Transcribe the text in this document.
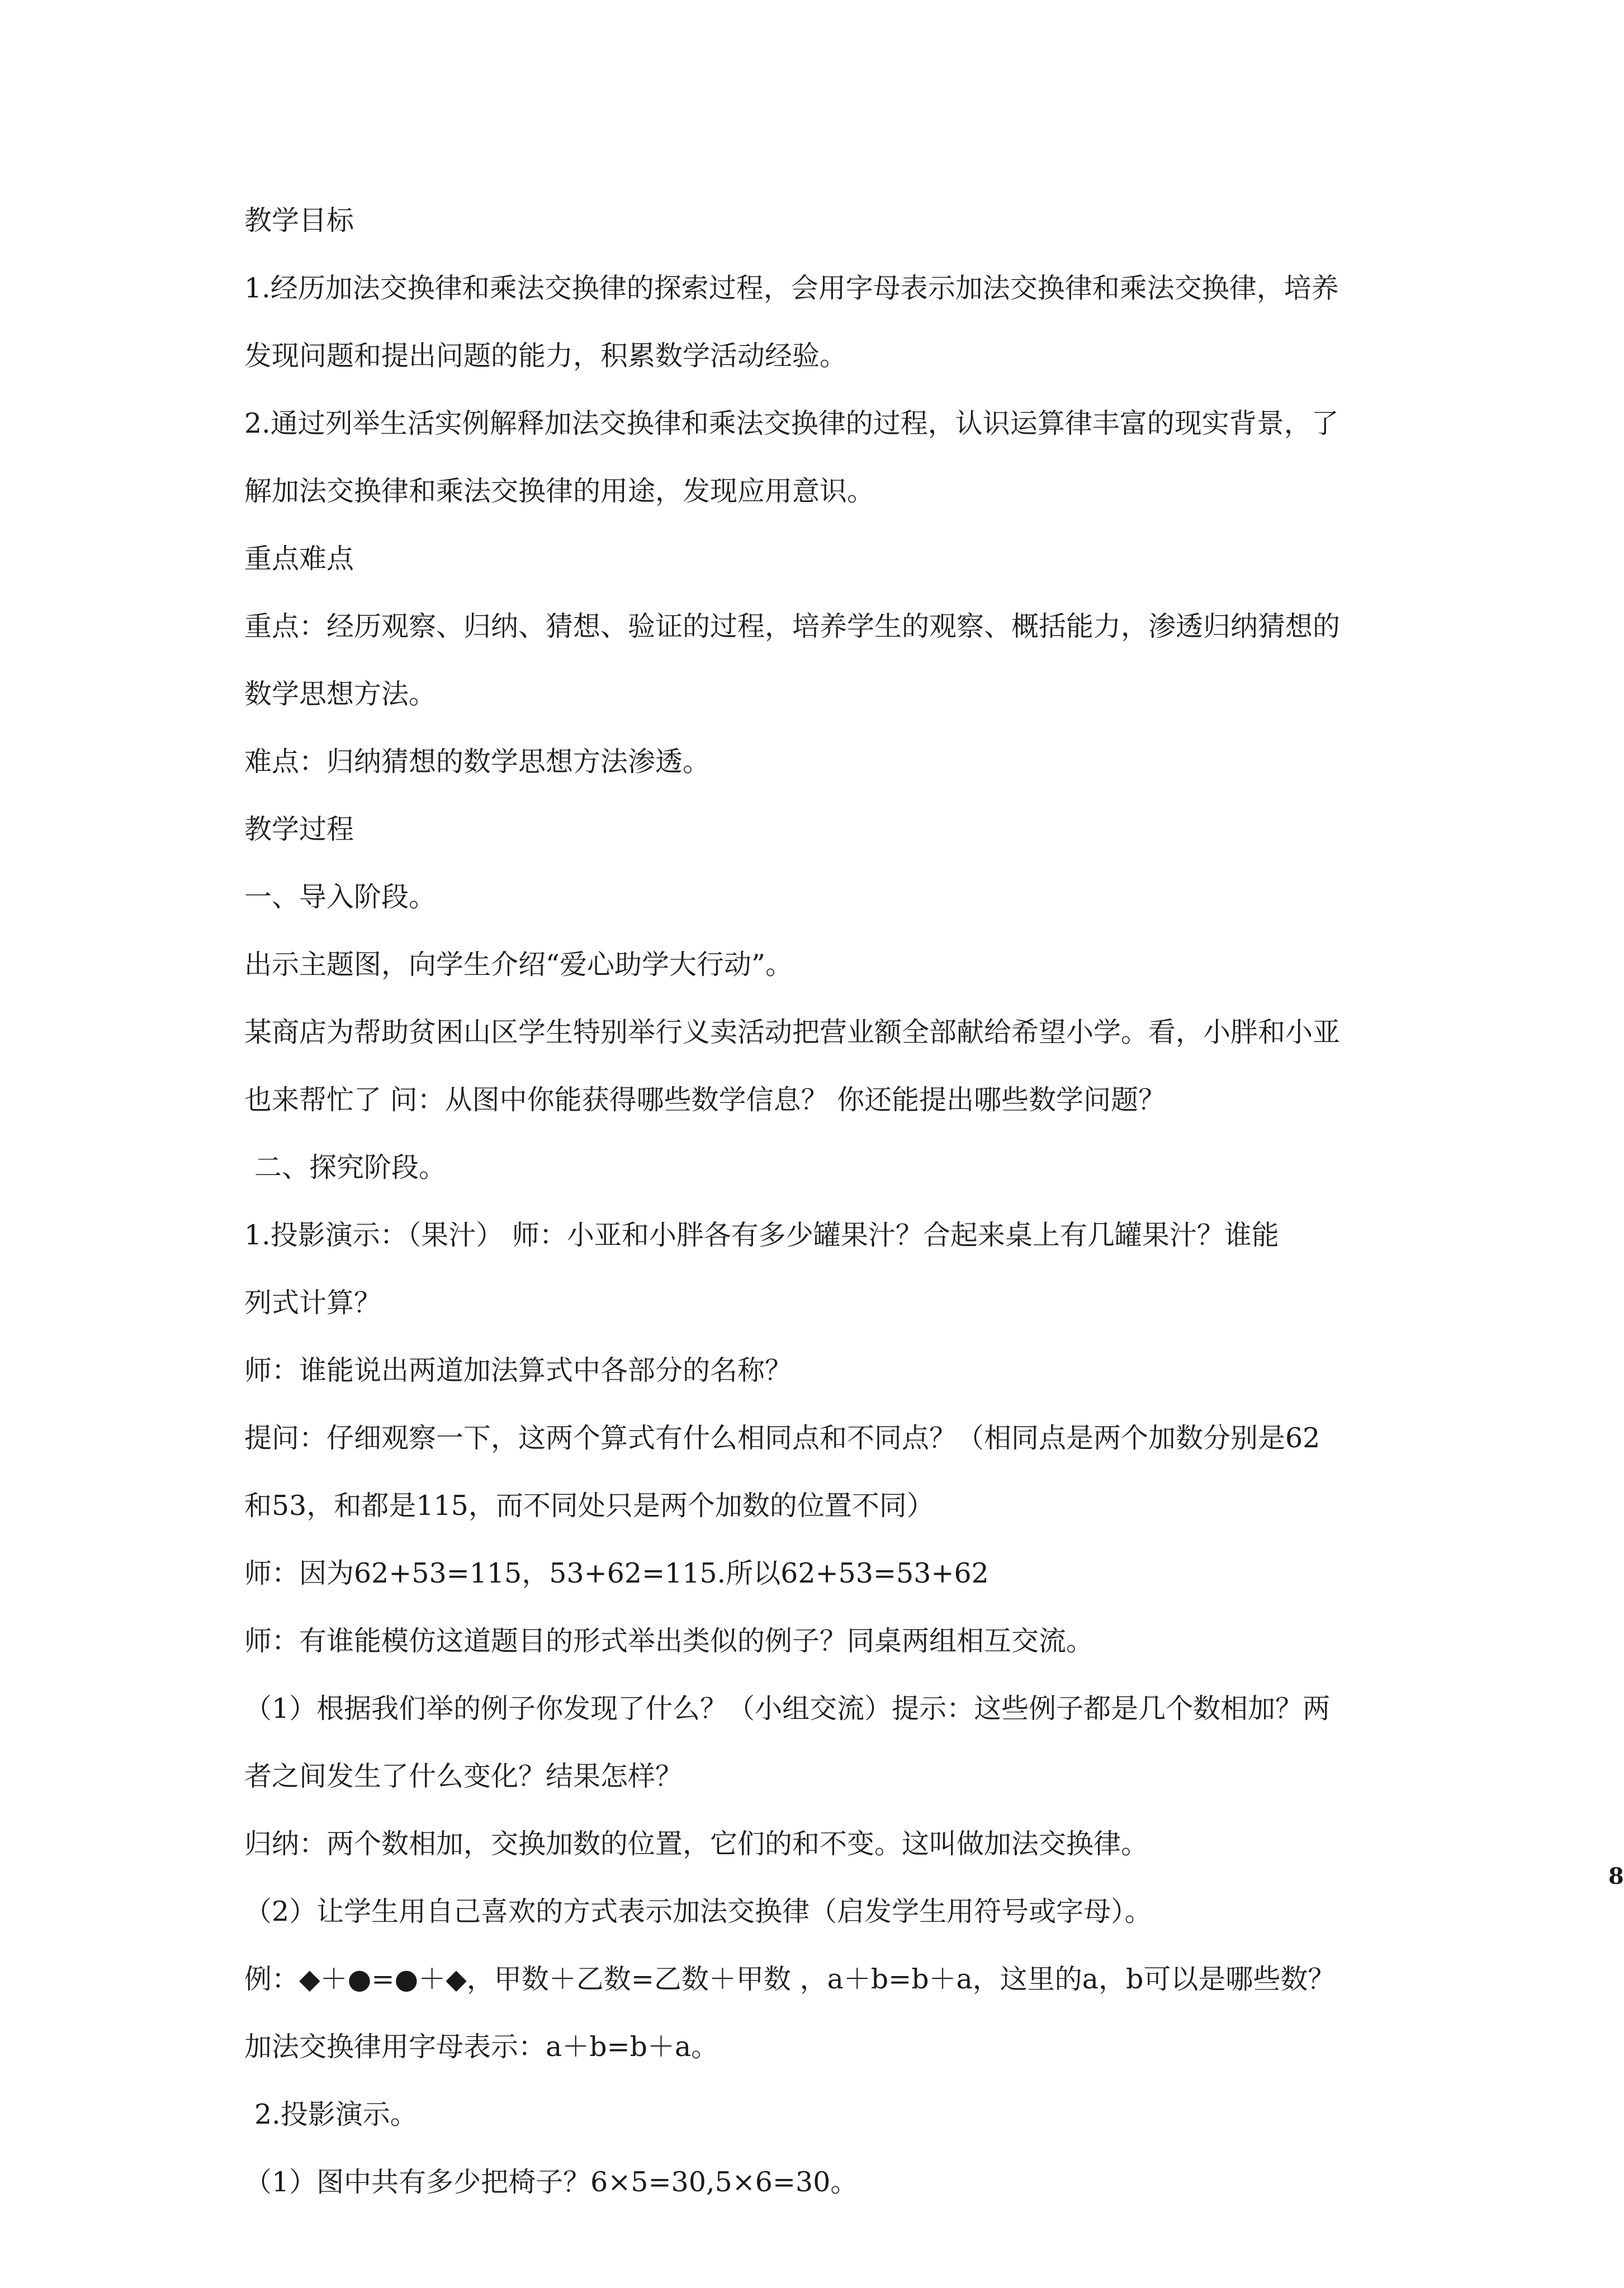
教学目标
1.经历加法交换律和乘法交换律的探索过程，会用字母表示加法交换律和乘法交换律，培养
发现问题和提出问题的能力，积累数学活动经验。
2.通过列举生活实例解释加法交换律和乘法交换律的过程，认识运算律丰富的现实背景，了
解加法交换律和乘法交换律的用途，发现应用意识。
重点难点
重点：经历观察、归纳、猜想、验证的过程，培养学生的观察、概括能力，渗透归纳猜想的
数学思想方法。
难点：归纳猜想的数学思想方法渗透。
教学过程
一、导入阶段。
出示主题图，向学生介绍“爱心助学大行动”。
某商店为帮助贫困山区学生特别举行义卖活动把营业额全部献给希望小学。看，小胖和小亚
也来帮忙了 问：从图中你能获得哪些数学信息？ 你还能提出哪些数学问题？
二、探究阶段。
1.投影演示：（果汁） 师：小亚和小胖各有多少罐果汁？合起来桌上有几罐果汁？谁能
列式计算？
师：谁能说出两道加法算式中各部分的名称？
提问：仔细观察一下，这两个算式有什么相同点和不同点？（相同点是两个加数分别是62
和53，和都是115，而不同处只是两个加数的位置不同）
师：因为62+53=115，53+62=115.所以62+53=53+62
师：有谁能模仿这道题目的形式举出类似的例子？同桌两组相互交流。
（1）根据我们举的例子你发现了什么？（小组交流）提示：这些例子都是几个数相加？两
者之间发生了什么变化？结果怎样？
归纳：两个数相加，交换加数的位置，它们的和不变。这叫做加法交换律。
（2）让学生用自己喜欢的方式表示加法交换律（启发学生用符号或字母）。
例：◆＋●=●＋◆，甲数＋乙数=乙数＋甲数 ，a＋b=b＋a，这里的a，b可以是哪些数？
加法交换律用字母表示：a＋b=b＋a。
2.投影演示。
（1）图中共有多少把椅子？6×5=30,5×6=30。
8
